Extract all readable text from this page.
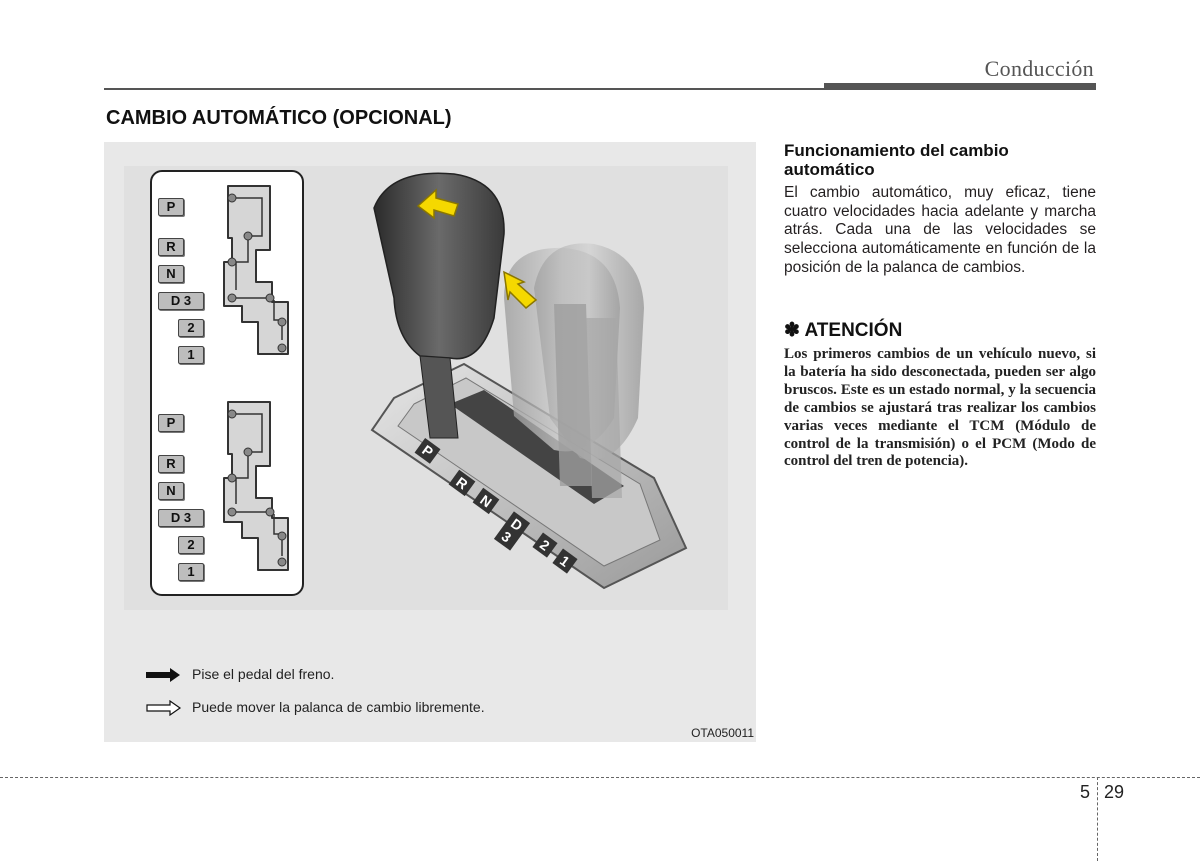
Conducción
CAMBIO AUTOMÁTICO (OPCIONAL)
P
R
N
D 3
2
1
P
R
N
D 3
2
1
P
R
N
D 3	2
1
Pise el pedal del freno.
Puede mover la palanca de cambio libremente.
OTA050011
Funcionamiento del cambio automático
El cambio automático, muy eficaz, tiene cuatro velocidades hacia adelante y marcha atrás. Cada una de las velocidades se selecciona automáticamente en función de la posición de la palanca de cambios.
✽ ATENCIÓN
Los primeros cambios de un vehículo nuevo, si la batería ha sido desconectada, pueden ser algo bruscos. Este es un estado normal, y la secuencia de cambios se ajustará tras realizar los cambios varias veces mediante el TCM (Módulo de control de la transmisión) o el PCM (Modo de control del tren de potencia).
5 29
